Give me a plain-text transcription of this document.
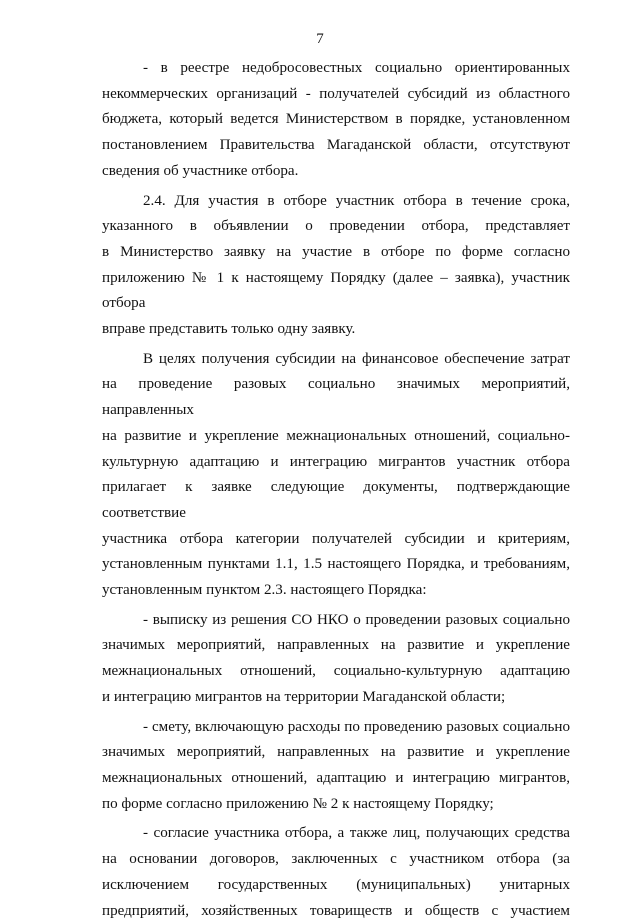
7

- в реестре недобросовестных социально ориентированных
некоммерческих организаций - получателей субсидий из областного
бюджета, который ведется Министерством в порядке, установленном
постановлением Правительства Магаданской области, отсутствуют
сведения об участнике отбора.

2.4. Для участия в отборе участник отбора в течение срока,
указанного в объявлении о проведении отбора, представляет
в Министерство заявку на участие в отборе по форме согласно
приложению № 1 к настоящему Порядку (далее – заявка), участник отбора
вправе представить только одну заявку.

В целях получения субсидии на финансовое обеспечение затрат
на проведение разовых социально значимых мероприятий, направленных
на развитие и укрепление межнациональных отношений, социально-
культурную адаптацию и интеграцию мигрантов участник отбора
прилагает к заявке следующие документы, подтверждающие соответствие
участника отбора категории получателей субсидии и критериям,
установленным пунктами 1.1, 1.5 настоящего Порядка, и требованиям,
установленным пунктом 2.3. настоящего Порядка:

- выписку из решения СО НКО о проведении разовых социально
значимых мероприятий, направленных на развитие и укрепление
межнациональных отношений, социально-культурную адаптацию
и интеграцию мигрантов на территории Магаданской области;

- смету, включающую расходы по проведению разовых социально
значимых мероприятий, направленных на развитие и укрепление
межнациональных отношений, адаптацию и интеграцию мигрантов,
по форме согласно приложению № 2 к настоящему Порядку;

- согласие участника отбора, а также лиц, получающих средства
на основании договоров, заключенных с участником отбора (за
исключением государственных (муниципальных) унитарных
предприятий, хозяйственных товариществ и обществ с участием
